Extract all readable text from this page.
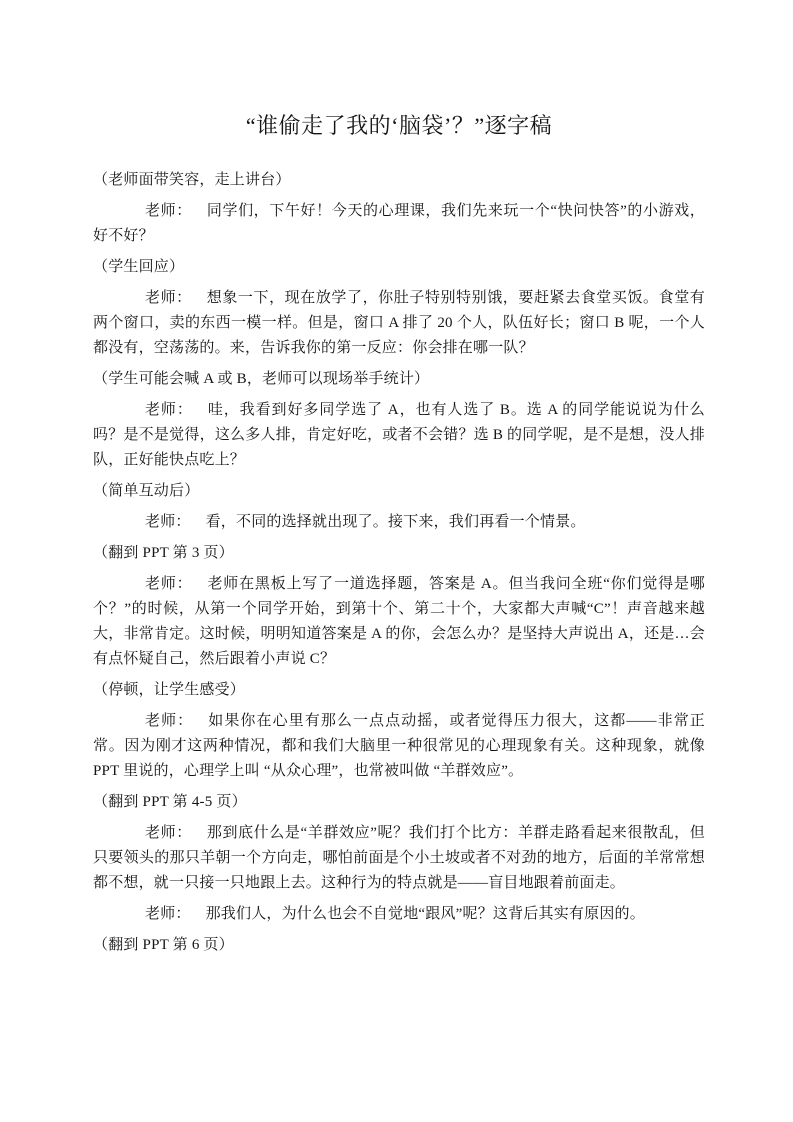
“谁偷走了我的‘脑袋’？”逐字稿

（老师面带笑容，走上讲台）

老师： 同学们，下午好！今天的心理课，我们先来玩一个“快问快答”的小游戏，好不好？

（学生回应）

老师： 想象一下，现在放学了，你肚子特别特别饿，要赶紧去食堂买饭。食堂有两个窗口，卖的东西一模一样。但是，窗口 A 排了 20 个人，队伍好长；窗口 B 呢，一个人都没有，空荡荡的。来，告诉我你的第一反应：你会排在哪一队？

（学生可能会喊 A 或 B，老师可以现场举手统计）

老师： 哇，我看到好多同学选了 A，也有人选了 B。选 A 的同学能说说为什么吗？是不是觉得，这么多人排，肯定好吃，或者不会错？选 B 的同学呢，是不是想，没人排队，正好能快点吃上？

（简单互动后）

老师： 看，不同的选择就出现了。接下来，我们再看一个情景。

（翻到 PPT 第 3 页）

老师： 老师在黑板上写了一道选择题，答案是 A。但当我问全班“你们觉得是哪个？”的时候，从第一个同学开始，到第十个、第二十个，大家都大声喊“C”！声音越来越大，非常肯定。这时候，明明知道答案是 A 的你，会怎么办？是坚持大声说出 A，还是…会有点怀疑自己，然后跟着小声说 C？

（停顿，让学生感受）

老师： 如果你在心里有那么一点点动摇，或者觉得压力很大，这都——非常正常。因为刚才这两种情况，都和我们大脑里一种很常见的心理现象有关。这种现象，就像 PPT 里说的，心理学上叫 “从众心理”，也常被叫做 “羊群效应”。

（翻到 PPT 第 4-5 页）

老师： 那到底什么是“羊群效应”呢？我们打个比方：羊群走路看起来很散乱，但只要领头的那只羊朝一个方向走，哪怕前面是个小土坡或者不对劲的地方，后面的羊常常想都不想，就一只接一只地跟上去。这种行为的特点就是——盲目地跟着前面走。

老师： 那我们人，为什么也会不自觉地“跟风”呢？这背后其实有原因的。

（翻到 PPT 第 6 页）
